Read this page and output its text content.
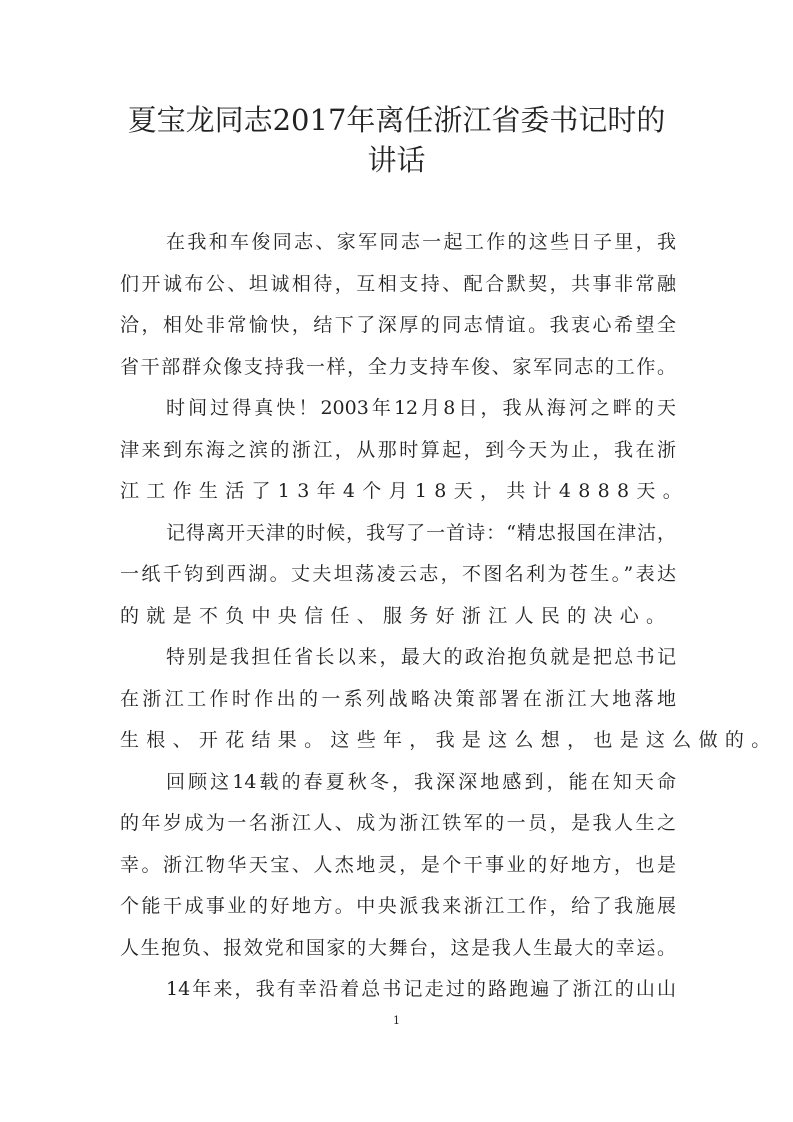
夏宝龙同志2017年离任浙江省委书记时的
讲话
在我和车俊同志、家军同志一起工作的这些日子里，我
们开诚布公、坦诚相待，互相支持、配合默契，共事非常融
洽，相处非常愉快，结下了深厚的同志情谊。我衷心希望全
省干部群众像支持我一样，全力支持车俊、家军同志的工作。
时间过得真快！2003年12月8日，我从海河之畔的天
津来到东海之滨的浙江，从那时算起，到今天为止，我在浙
江工作生活了13年4个月18天，共计4888天。
记得离开天津的时候，我写了一首诗：“精忠报国在津沽，
一纸千钧到西湖。丈夫坦荡凌云志，不图名利为苍生。”表达
的就是不负中央信任、服务好浙江人民的决心。
特别是我担任省长以来，最大的政治抱负就是把总书记
在浙江工作时作出的一系列战略决策部署在浙江大地落地
生根、开花结果。这些年，我是这么想，也是这么做的。
回顾这14载的春夏秋冬，我深深地感到，能在知天命
的年岁成为一名浙江人、成为浙江铁军的一员，是我人生之
幸。浙江物华天宝、人杰地灵，是个干事业的好地方，也是
个能干成事业的好地方。中央派我来浙江工作，给了我施展
人生抱负、报效党和国家的大舞台，这是我人生最大的幸运。
14年来，我有幸沿着总书记走过的路跑遍了浙江的山山
1
